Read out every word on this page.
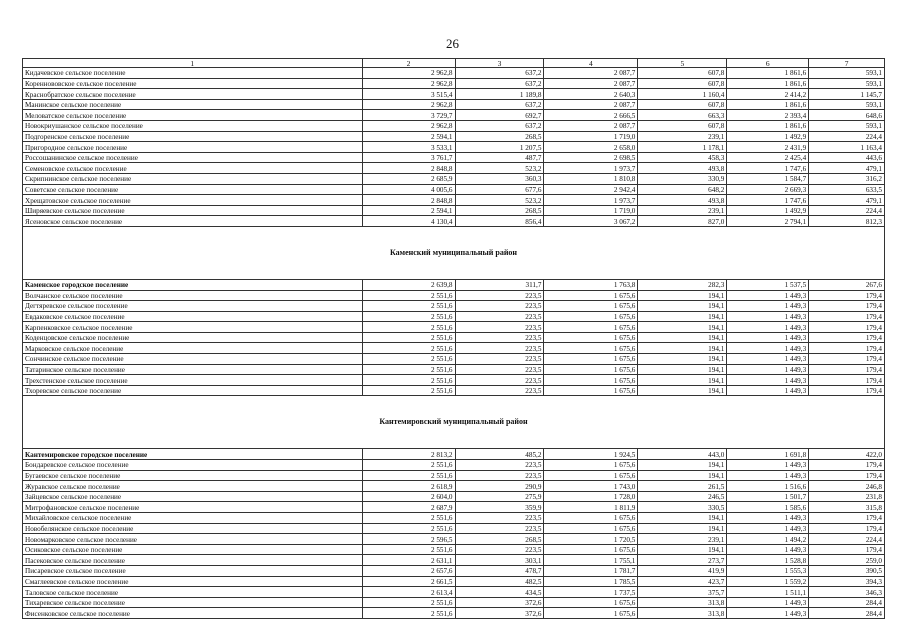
26
1	2	3	4	5	6	7
Кидачевское сельское поселение	2 962,8	637,2	2 087,7	607,8	1 861,6	593,1
Кореннововское сельское поселение	2 962,8	637,2	2 087,7	607,8	1 861,6	593,1
Краснобратское сельское поселение	3 515,4	1 189,8	2 640,3	1 160,4	2 414,2	1 145,7
Манинское сельское поселение	2 962,8	637,2	2 087,7	607,8	1 861,6	593,1
Меловатское сельское поселение	3 729,7	692,7	2 666,5	663,3	2 393,4	648,6
Новокриушанское сельское поселение	2 962,8	637,2	2 087,7	607,8	1 861,6	593,1
Подгоренское сельское поселение	2 594,1	268,5	1 719,0	239,1	1 492,9	224,4
Пригородное сельское поселение	3 533,1	1 207,5	2 658,0	1 178,1	2 431,9	1 163,4
Россошанинское сельское поселение	3 761,7	487,7	2 698,5	458,3	2 425,4	443,6
Семеновское сельское поселение	2 848,8	523,2	1 973,7	493,8	1 747,6	479,1
Скрипнинское сельское поселение	2 685,9	360,3	1 810,8	330,9	1 584,7	316,2
Советское сельское поселение	4 005,6	677,6	2 942,4	648,2	2 669,3	633,5
Хрещатовское сельское поселение	2 848,8	523,2	1 973,7	493,8	1 747,6	479,1
Ширяевское сельское поселение	2 594,1	268,5	1 719,0	239,1	1 492,9	224,4
Ясеновское сельское поселение	4 130,4	856,4	3 067,2	827,0	2 794,1	812,3
Каменский муниципальный район						
Каменское городское поселение	2 639,8	311,7	1 763,8	282,3	1 537,5	267,6
Волчанское сельское поселение	2 551,6	223,5	1 675,6	194,1	1 449,3	179,4
Дегтяревское сельское поселение	2 551,6	223,5	1 675,6	194,1	1 449,3	179,4
Евдаковское сельское поселение	2 551,6	223,5	1 675,6	194,1	1 449,3	179,4
Карпенковское сельское поселение	2 551,6	223,5	1 675,6	194,1	1 449,3	179,4
Коденцовское сельское поселение	2 551,6	223,5	1 675,6	194,1	1 449,3	179,4
Марковское сельское поселение	2 551,6	223,5	1 675,6	194,1	1 449,3	179,4
Сончинское сельское поселение	2 551,6	223,5	1 675,6	194,1	1 449,3	179,4
Татаринское сельское поселение	2 551,6	223,5	1 675,6	194,1	1 449,3	179,4
Трехстенское сельское поселение	2 551,6	223,5	1 675,6	194,1	1 449,3	179,4
Тхоревское сельское поселение	2 551,6	223,5	1 675,6	194,1	1 449,3	179,4
Кантемировский муниципальный район						
Кантемировское городское поселение	2 813,2	485,2	1 924,5	443,0	1 691,8	422,0
Бондаревское сельское поселение	2 551,6	223,5	1 675,6	194,1	1 449,3	179,4
Бугаевское сельское поселение	2 551,6	223,5	1 675,6	194,1	1 449,3	179,4
Журавское сельское поселение	2 618,9	290,9	1 743,0	261,5	1 516,6	246,8
Зайцевское сельское поселение	2 604,0	275,9	1 728,0	246,5	1 501,7	231,8
Митрофановское сельское поселение	2 687,9	359,9	1 811,9	330,5	1 585,6	315,8
Михайловское сельское поселение	2 551,6	223,5	1 675,6	194,1	1 449,3	179,4
Новобелянское сельское поселение	2 551,6	223,5	1 675,6	194,1	1 449,3	179,4
Новомарковское сельское поселение	2 596,5	268,5	1 720,5	239,1	1 494,2	224,4
Осиковское сельское поселение	2 551,6	223,5	1 675,6	194,1	1 449,3	179,4
Пасековское сельское поселение	2 631,1	303,1	1 755,1	273,7	1 528,8	259,0
Писаревское сельское поселение	2 657,6	478,7	1 781,7	419,9	1 555,3	390,5
Смаглеевское сельское поселение	2 661,5	482,5	1 785,5	423,7	1 559,2	394,3
Таловское сельское поселение	2 613,4	434,5	1 737,5	375,7	1 511,1	346,3
Тихаревское сельское поселение	2 551,6	372,6	1 675,6	313,8	1 449,3	284,4
Фисенковское сельское поселение	2 551,6	372,6	1 675,6	313,8	1 449,3	284,4
